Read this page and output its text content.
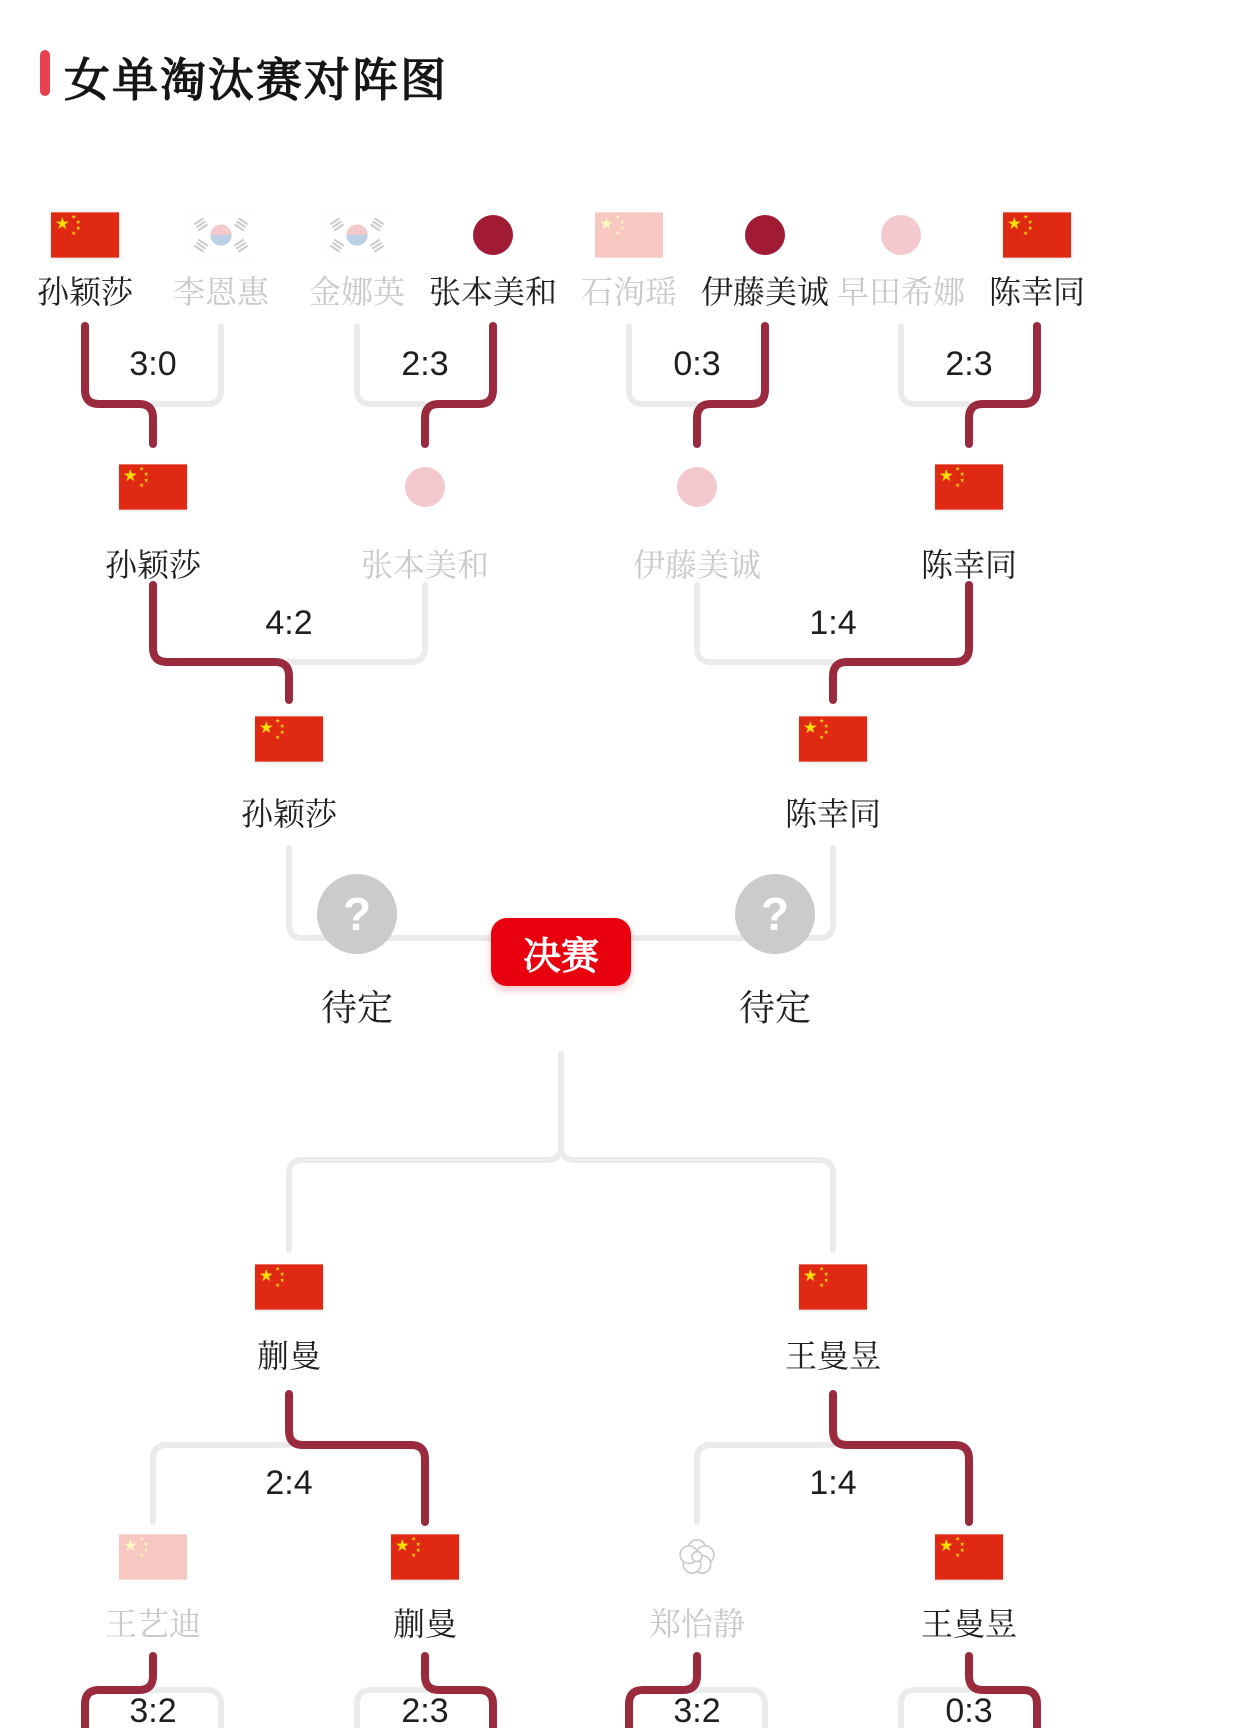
女单淘汰赛对阵图
孙颖莎	李恩惠	金娜英 张本美和 石洵瑶 伊藤美诚 早田希娜 陈幸同
3:0	2:3	0:3	2:3
孙颖莎	张本美和	伊藤美诚	陈幸同
4:2	1:4
孙颖莎	陈幸同
?
决赛
?
待定	待定
蒯曼	王曼昱
2:4	1:4
王艺迪	蒯曼	郑怡静	王曼昱
3:2	2:3	3:2	0:3
